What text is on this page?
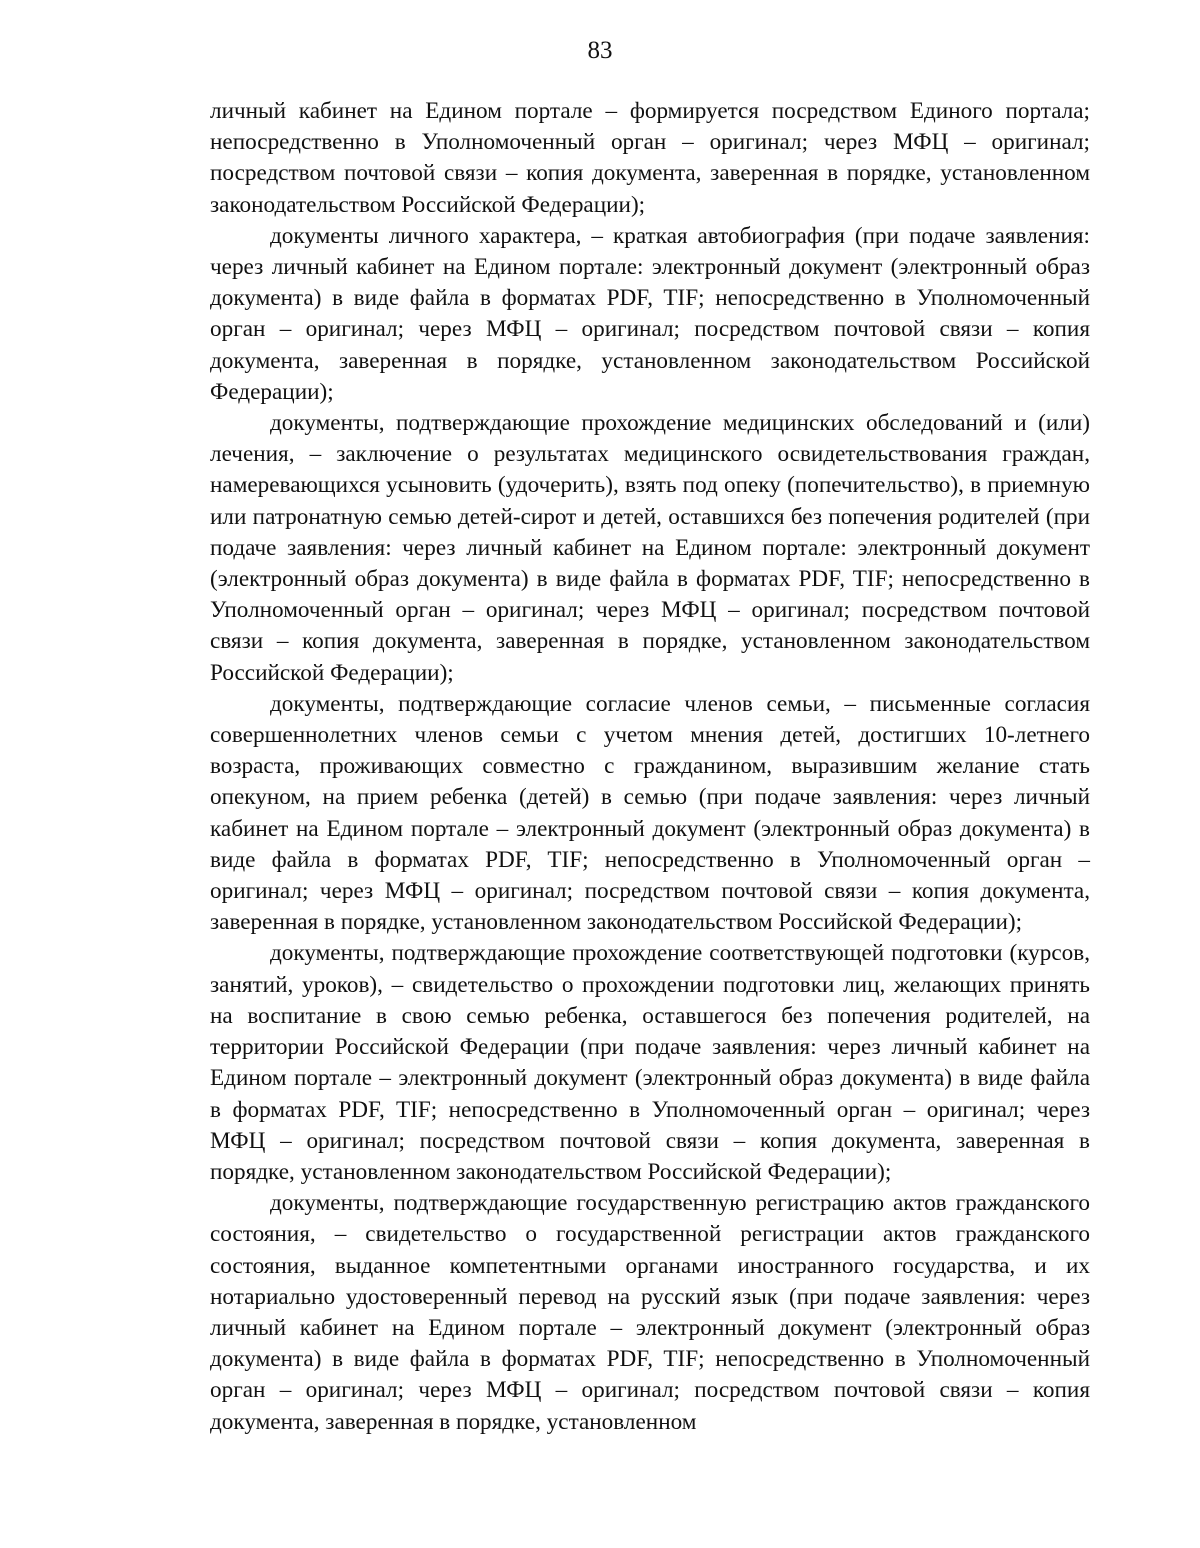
83

личный кабинет на Едином портале – формируется посредством Единого портала; непосредственно в Уполномоченный орган – оригинал; через МФЦ – оригинал; посредством почтовой связи – копия документа, заверенная в порядке, установленном законодательством Российской Федерации);

документы личного характера, – краткая автобиография (при подаче заявления: через личный кабинет на Едином портале: электронный документ (электронный образ документа) в виде файла в форматах PDF, TIF; непосредственно в Уполномоченный орган – оригинал; через МФЦ – оригинал; посредством почтовой связи – копия документа, заверенная в порядке, установленном законодательством Российской Федерации);

документы, подтверждающие прохождение медицинских обследований и (или) лечения, – заключение о результатах медицинского освидетельствования граждан, намеревающихся усыновить (удочерить), взять под опеку (попечительство), в приемную или патронатную семью детей-сирот и детей, оставшихся без попечения родителей (при подаче заявления: через личный кабинет на Едином портале: электронный документ (электронный образ документа) в виде файла в форматах PDF, TIF; непосредственно в Уполномоченный орган – оригинал; через МФЦ – оригинал; посредством почтовой связи – копия документа, заверенная в порядке, установленном законодательством Российской Федерации);

документы, подтверждающие согласие членов семьи, – письменные согласия совершеннолетних членов семьи с учетом мнения детей, достигших 10-летнего возраста, проживающих совместно с гражданином, выразившим желание стать опекуном, на прием ребенка (детей) в семью (при подаче заявления: через личный кабинет на Едином портале – электронный документ (электронный образ документа) в виде файла в форматах PDF, TIF; непосредственно в Уполномоченный орган – оригинал; через МФЦ – оригинал; посредством почтовой связи – копия документа, заверенная в порядке, установленном законодательством Российской Федерации);

документы, подтверждающие прохождение соответствующей подготовки (курсов, занятий, уроков), – свидетельство о прохождении подготовки лиц, желающих принять на воспитание в свою семью ребенка, оставшегося без попечения родителей, на территории Российской Федерации (при подаче заявления: через личный кабинет на Едином портале – электронный документ (электронный образ документа) в виде файла в форматах PDF, TIF; непосредственно в Уполномоченный орган – оригинал; через МФЦ – оригинал; посредством почтовой связи – копия документа, заверенная в порядке, установленном законодательством Российской Федерации);

документы, подтверждающие государственную регистрацию актов гражданского состояния, – свидетельство о государственной регистрации актов гражданского состояния, выданное компетентными органами иностранного государства, и их нотариально удостоверенный перевод на русский язык (при подаче заявления: через личный кабинет на Едином портале – электронный документ (электронный образ документа) в виде файла в форматах PDF, TIF; непосредственно в Уполномоченный орган – оригинал; через МФЦ – оригинал; посредством почтовой связи – копия документа, заверенная в порядке, установленном
